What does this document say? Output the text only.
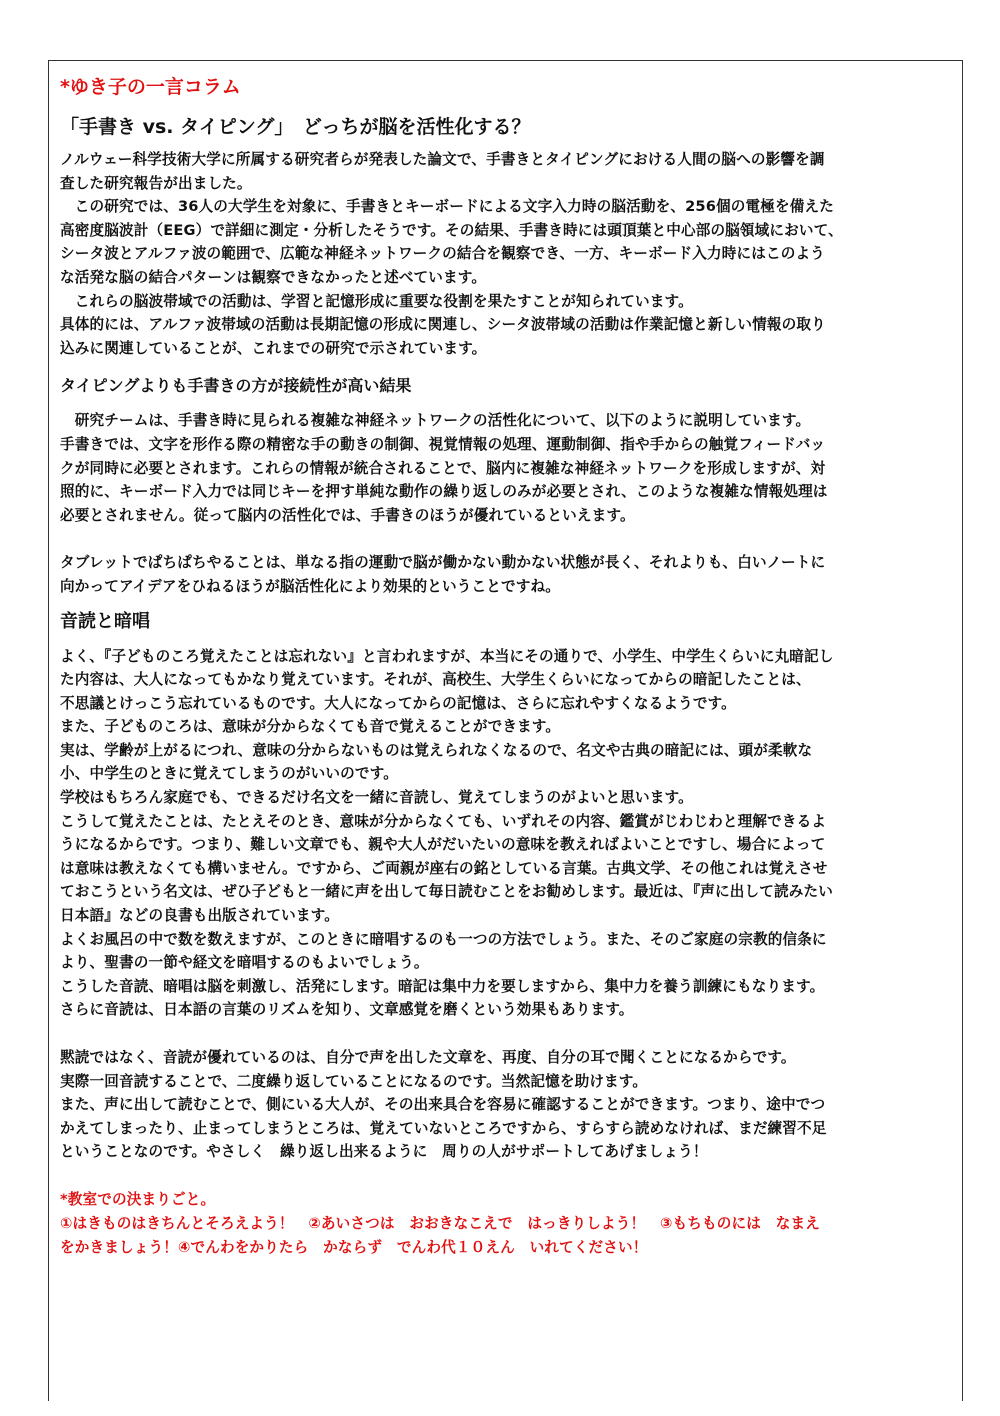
*ゆき子の一言コラム
「手書き vs. タイピング」　どっちが脳を活性化する？

ノルウェー科学技術大学に所属する研究者らが発表した論文で、手書きとタイピングにおける人間の脳への影響を調

査した研究報告が出ました。

　この研究では、36人の大学生を対象に、手書きとキーボードによる文字入力時の脳活動を、256個の電極を備えた

高密度脳波計（EEG）で詳細に測定・分析したそうです。その結果、手書き時には頭頂葉と中心部の脳領域において、

シータ波とアルファ波の範囲で、広範な神経ネットワークの結合を観察でき、一方、キーボード入力時にはこのよう

な活発な脳の結合パターンは観察できなかったと述べています。

　これらの脳波帯域での活動は、学習と記憶形成に重要な役割を果たすことが知られています。

具体的には、アルファ波帯域の活動は長期記憶の形成に関連し、シータ波帯域の活動は作業記憶と新しい情報の取り

込みに関連していることが、これまでの研究で示されています。

タイピングよりも手書きの方が接続性が高い結果

　研究チームは、手書き時に見られる複雑な神経ネットワークの活性化について、以下のように説明しています。

手書きでは、文字を形作る際の精密な手の動きの制御、視覚情報の処理、運動制御、指や手からの触覚フィードバッ

クが同時に必要とされます。これらの情報が統合されることで、脳内に複雑な神経ネットワークを形成しますが、対

照的に、キーボード入力では同じキーを押す単純な動作の繰り返しのみが必要とされ、このような複雑な情報処理は

必要とされません。従って脳内の活性化では、手書きのほうが優れているといえます。

タブレットでぱちぱちやることは、単なる指の運動で脳が働かない動かない状態が長く、それよりも、白いノートに

向かってアイデアをひねるほうが脳活性化により効果的ということですね。

音読と暗唱

よく、『子どものころ覚えたことは忘れない』と言われますが、本当にその通りで、小学生、中学生くらいに丸暗記し

た内容は、大人になってもかなり覚えています。それが、高校生、大学生くらいになってからの暗記したことは、

不思議とけっこう忘れているものです。大人になってからの記憶は、さらに忘れやすくなるようです。

また、子どものころは、意味が分からなくても音で覚えることができます。

実は、学齢が上がるにつれ、意味の分からないものは覚えられなくなるので、名文や古典の暗記には、頭が柔軟な

小、中学生のときに覚えてしまうのがいいのです。

学校はもちろん家庭でも、できるだけ名文を一緒に音読し、覚えてしまうのがよいと思います。

こうして覚えたことは、たとえそのとき、意味が分からなくても、いずれその内容、鑑賞がじわじわと理解できるよ

うになるからです。つまり、難しい文章でも、親や大人がだいたいの意味を教えればよいことですし、場合によって

は意味は教えなくても構いません。ですから、ご両親が座右の銘としている言葉。古典文学、その他これは覚えさせ

ておこうという名文は、ぜひ子どもと一緒に声を出して毎日読むことをお勧めします。最近は、『声に出して読みたい

日本語』などの良書も出版されています。

よくお風呂の中で数を数えますが、このときに暗唱するのも一つの方法でしょう。また、そのご家庭の宗教的信条に

より、聖書の一節や経文を暗唱するのもよいでしょう。

こうした音読、暗唱は脳を刺激し、活発にします。暗記は集中力を要しますから、集中力を養う訓練にもなります。

さらに音読は、日本語の言葉のリズムを知り、文章感覚を磨くという効果もあります。

黙読ではなく、音読が優れているのは、自分で声を出した文章を、再度、自分の耳で聞くことになるからです。

実際一回音読することで、二度繰り返していることになるのです。当然記憶を助けます。

また、声に出して読むことで、側にいる大人が、その出来具合を容易に確認することができます。つまり、途中でつ

かえてしまったり、止まってしまうところは、覚えていないところですから、すらすら読めなければ、まだ練習不足

ということなのです。やさしく　繰り返し出来るように　周りの人がサポートしてあげましょう！

*教室での決まりごと。

①はきものはきちんとそろえよう！　②あいさつは　おおきなこえで　はっきりしよう！　③もちものには　なまえ

をかきましょう！④でんわをかりたら　かならず　でんわ代１０えん　いれてください！
